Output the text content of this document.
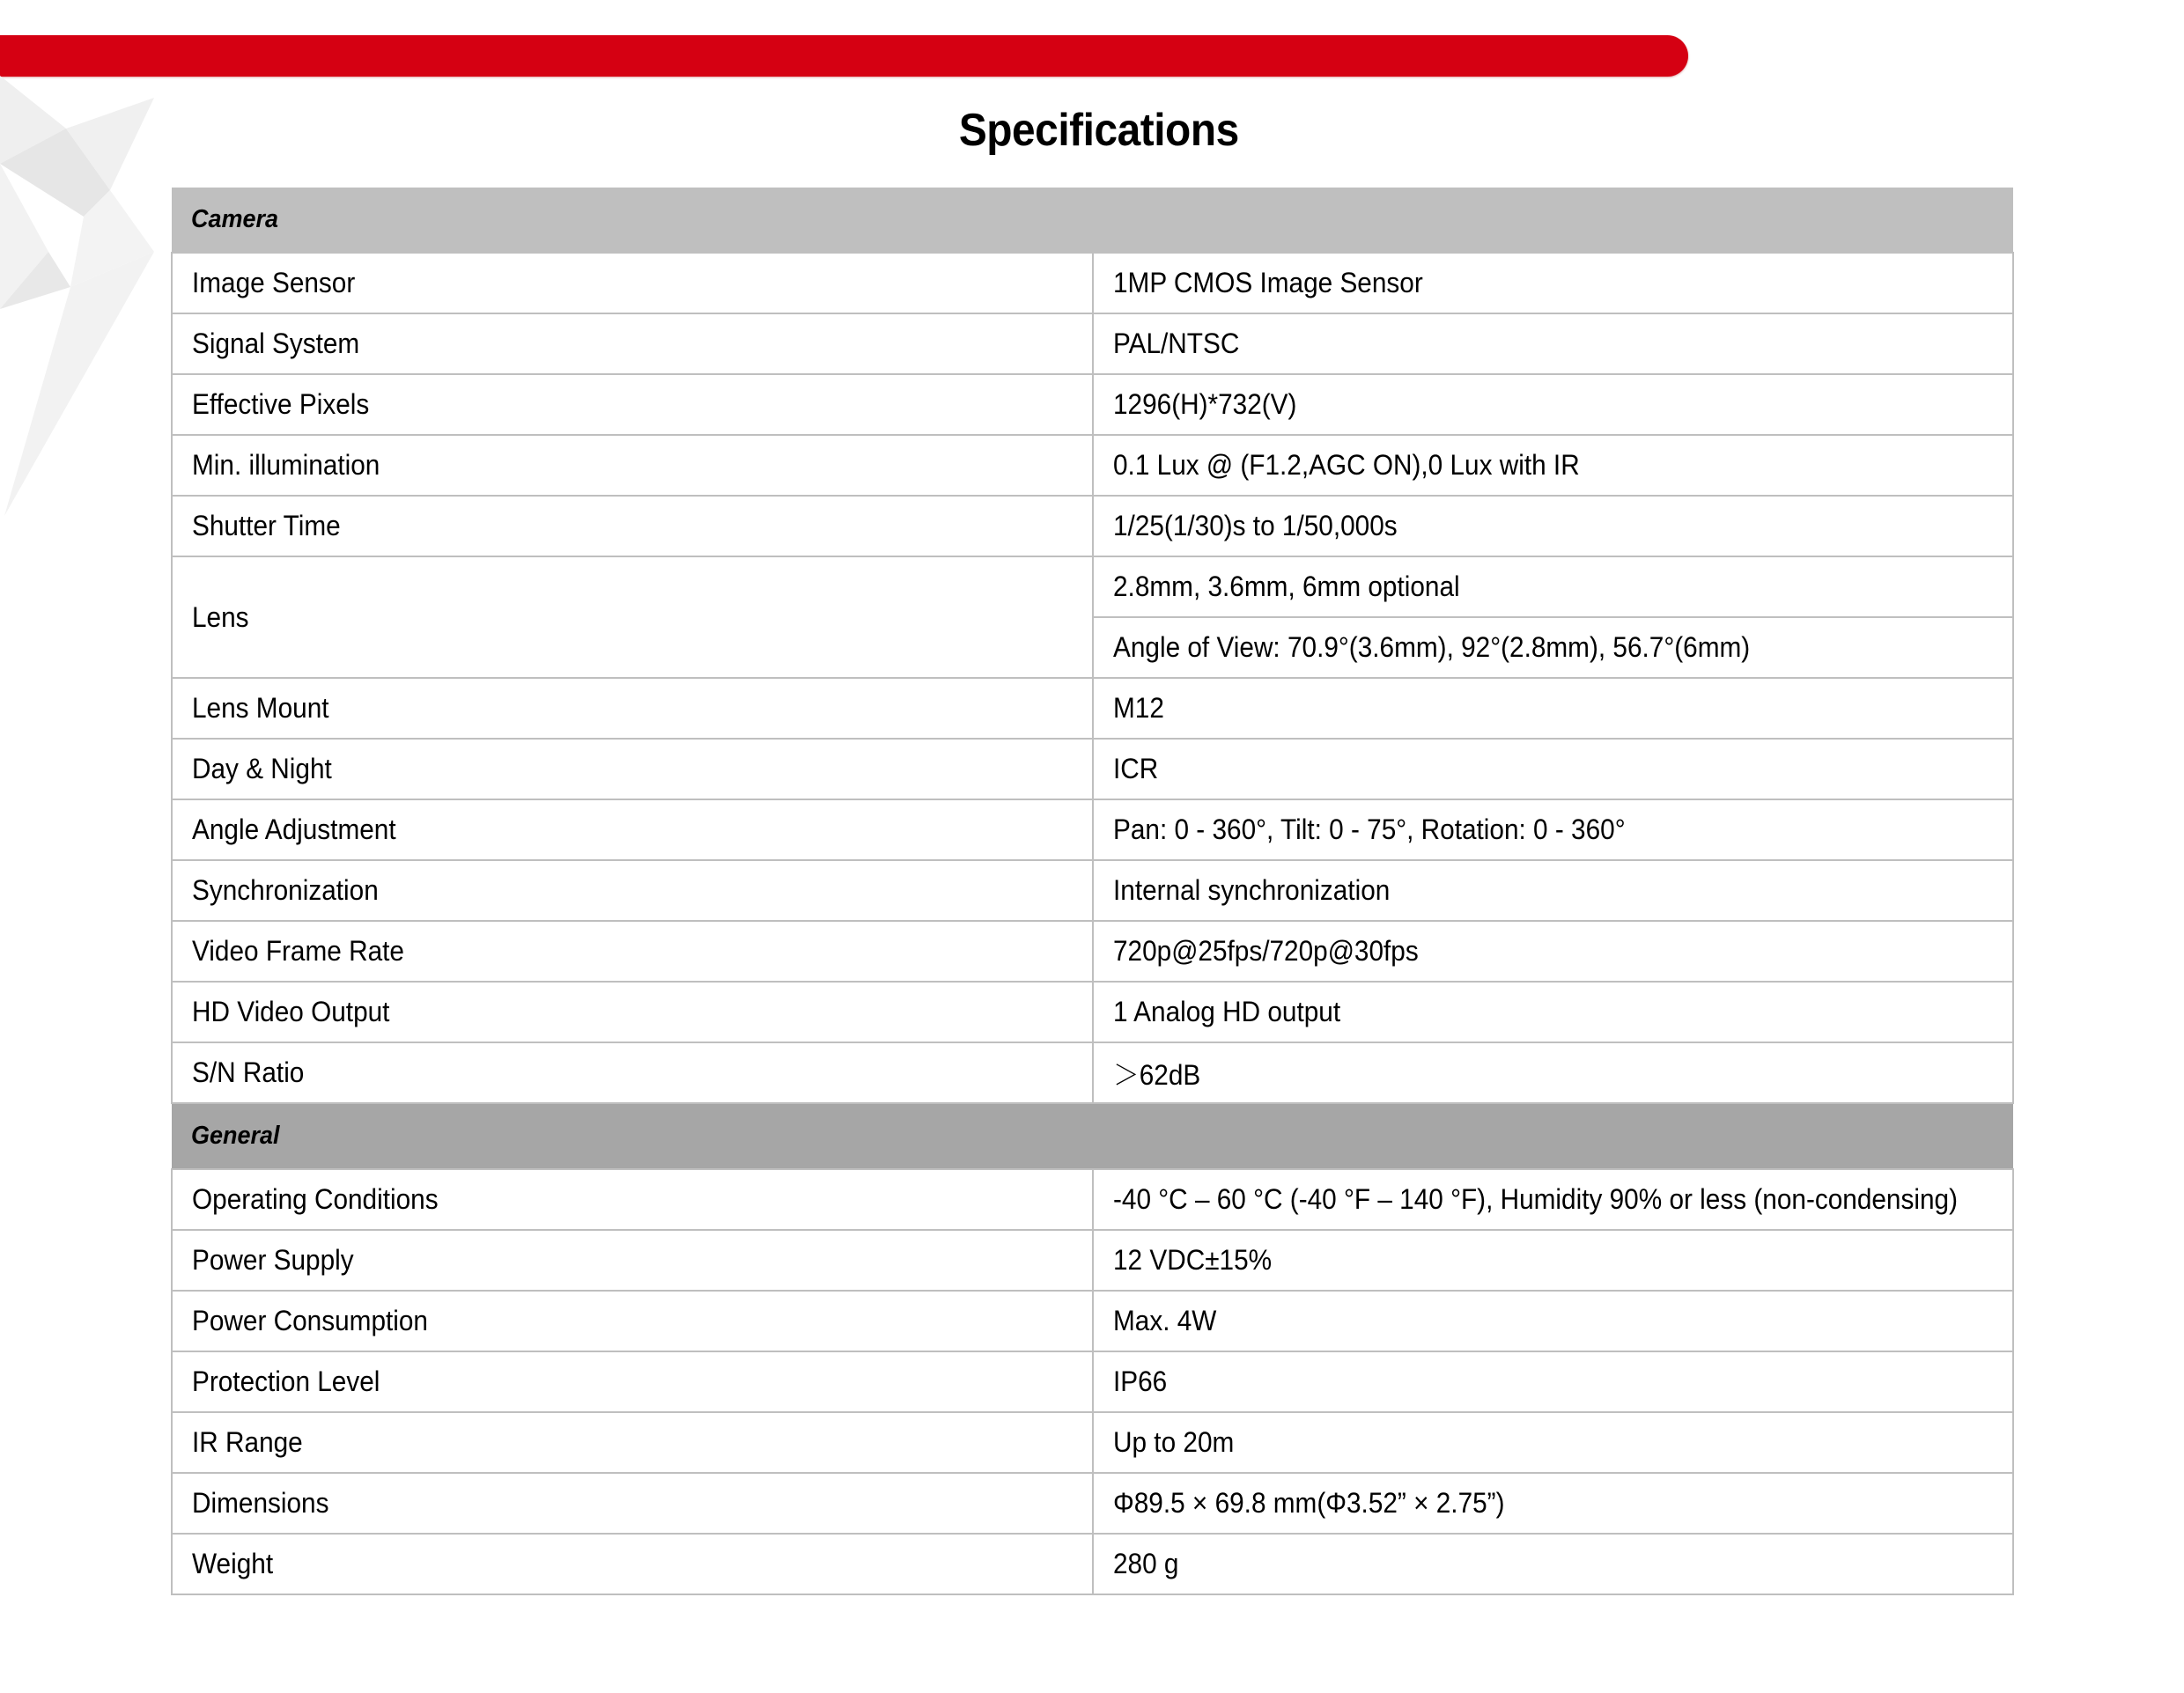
Specifications
Camera	
Image Sensor	1MP CMOS Image Sensor
Signal System	PAL/NTSC
Effective Pixels	1296(H)*732(V)
Min. illumination	0.1 Lux @ (F1.2,AGC ON),0 Lux with IR
Shutter Time	1/25(1/30)s to 1/50,000s
Lens	2.8mm, 3.6mm, 6mm optional
	Angle of View: 70.9°(3.6mm), 92°(2.8mm), 56.7°(6mm)
Lens Mount	M12
Day & Night	ICR
Angle Adjustment	Pan: 0 - 360°, Tilt: 0 - 75°, Rotation: 0 - 360°
Synchronization	Internal synchronization
Video Frame Rate	720p@25fps/720p@30fps
HD Video Output	1 Analog HD output
S/N Ratio	＞62dB
General	
Operating Conditions	-40 °C – 60 °C (-40 °F – 140 °F), Humidity 90% or less (non-condensing)
Power Supply	12 VDC±15%
Power Consumption	Max. 4W
Protection Level	IP66
IR Range	Up to 20m
Dimensions	Φ89.5 × 69.8 mm(Φ3.52” × 2.75”)
Weight	280 g
